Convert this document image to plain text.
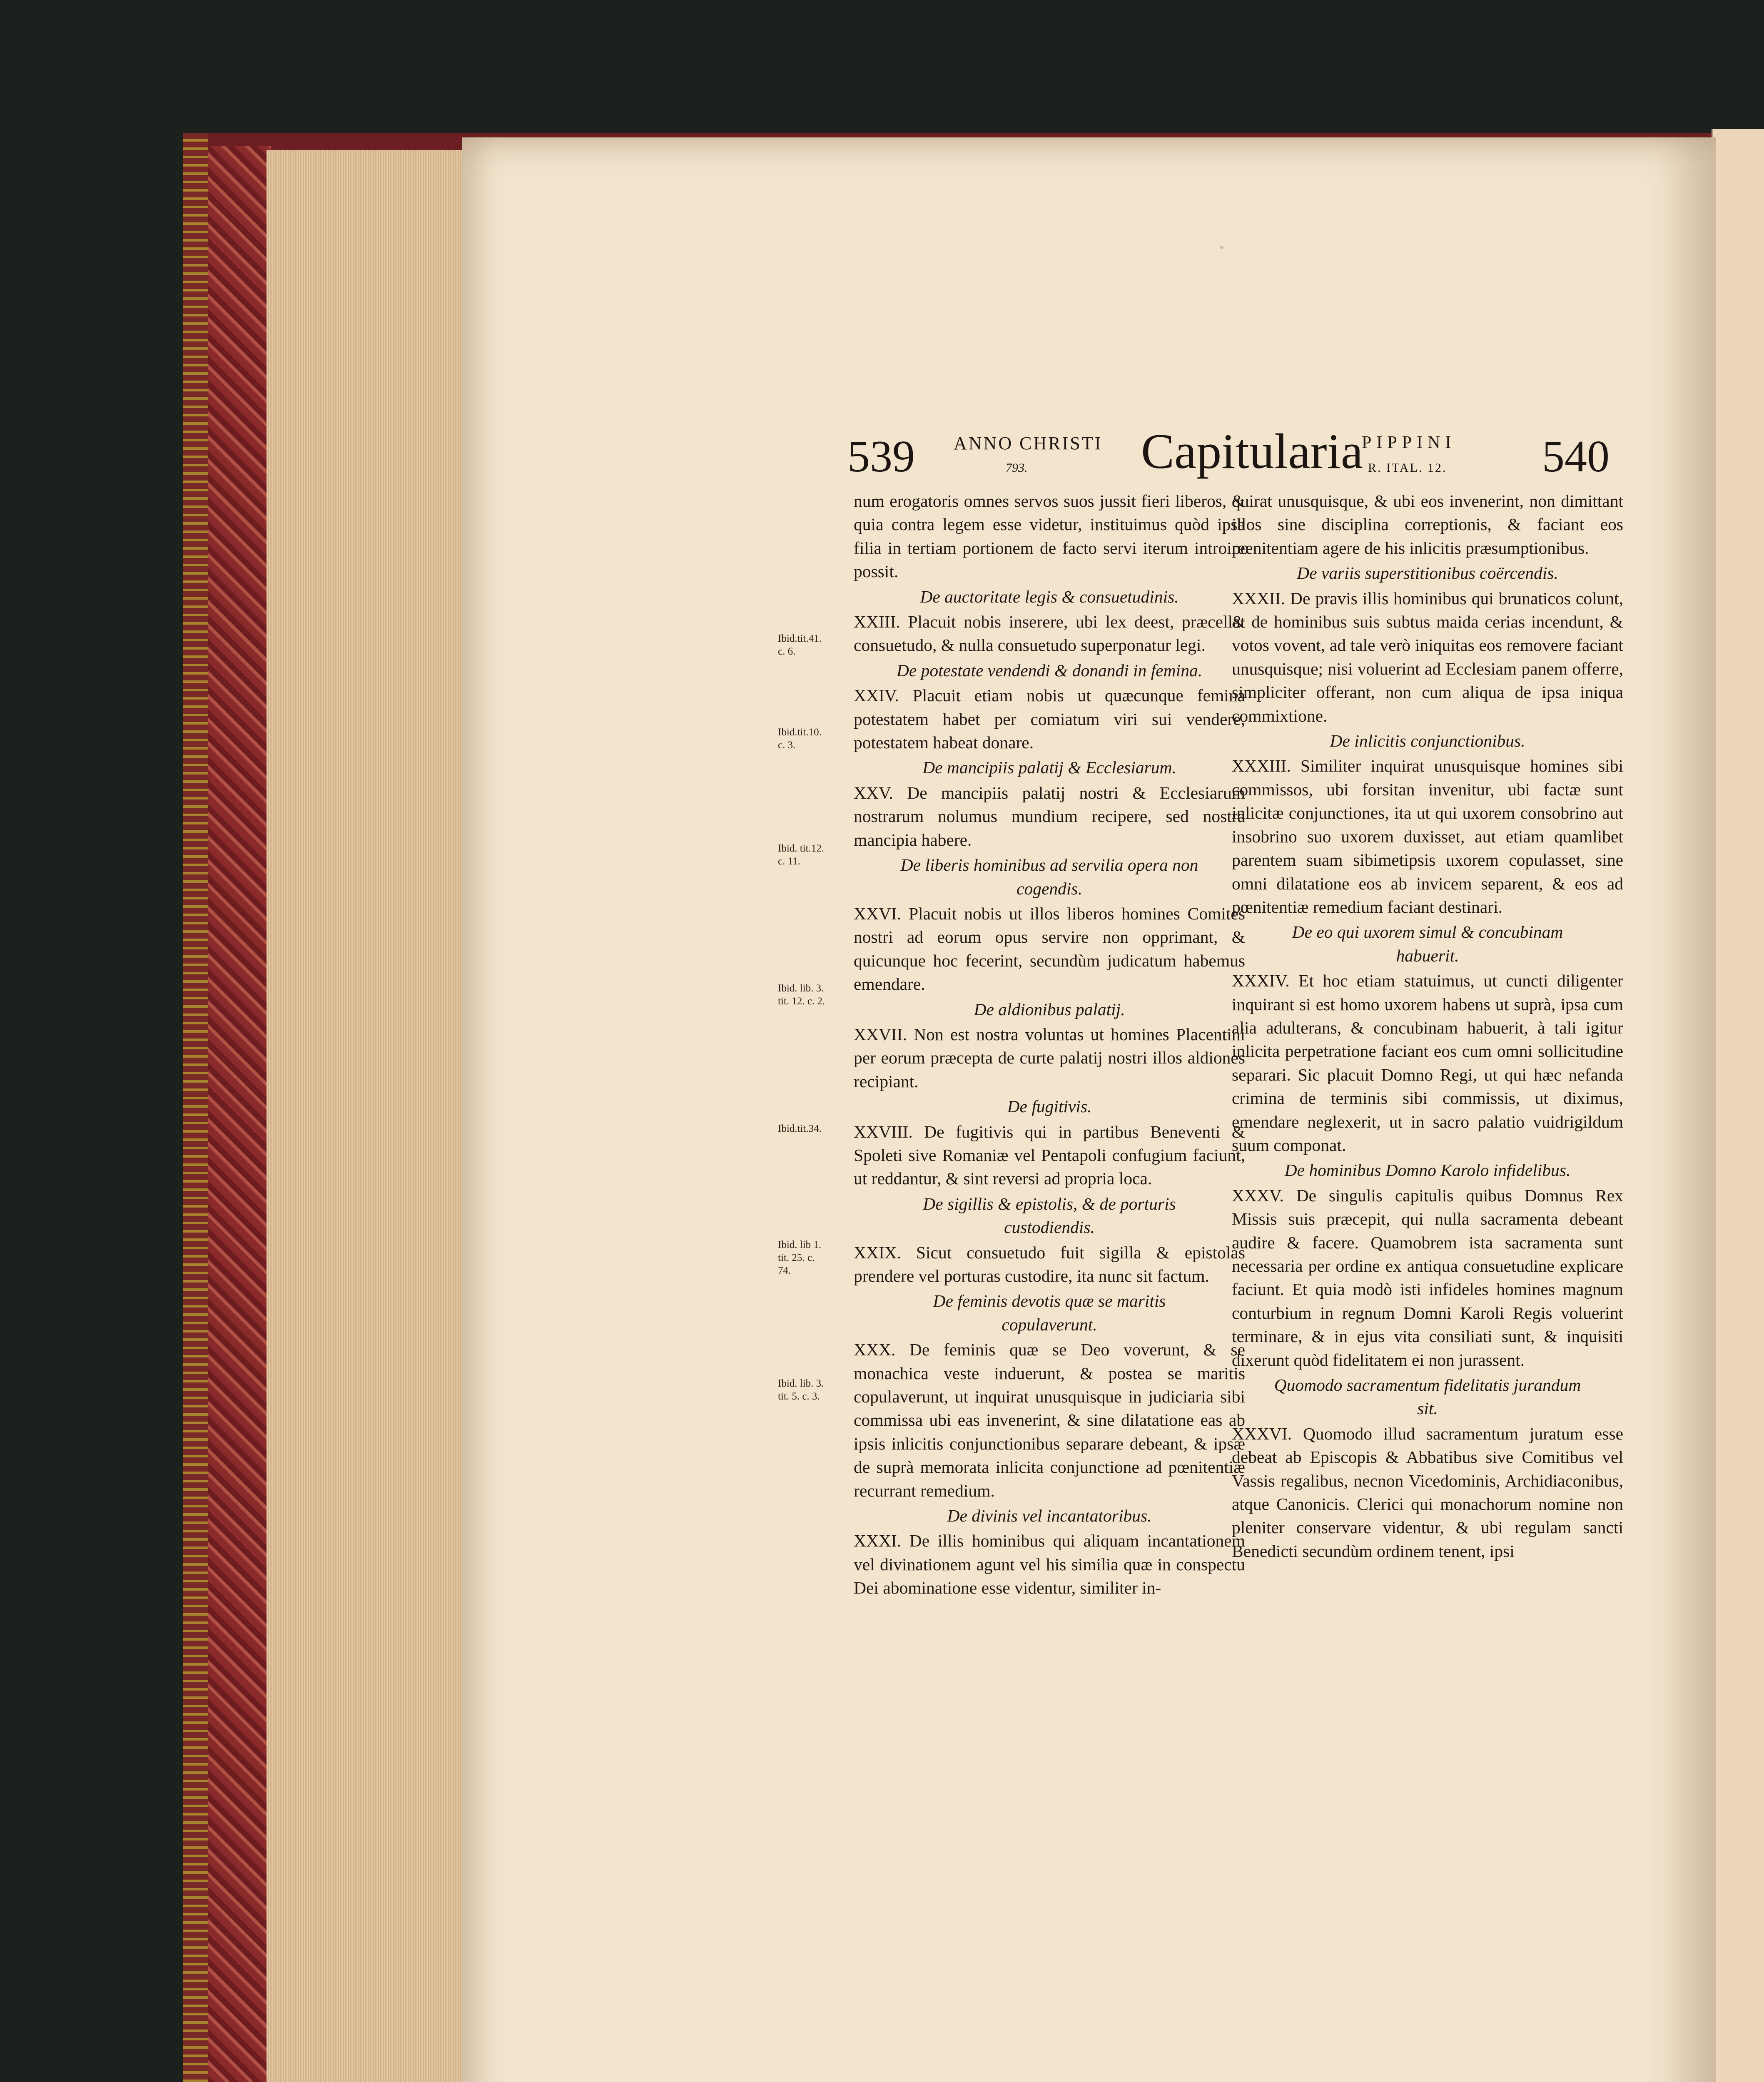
539 ANNO CHRISTI
793. Capitularia
PIPPINI
R. ITAL. 12. 540
Ibid.tit.41.
c. 6.
Ibid.tit.10.
c. 3.
Ibid. tit.12.
c. 11.
Ibid. lib. 3.
tit. 12. c. 2.
Ibid.tit.34.
Ibid. lib 1.
tit. 25. c.
74.
Ibid. lib. 3.
tit. 5. c. 3.

num erogatoris omnes servos suos jussit fieri liberos, & quia contra legem esse videtur, instituimus quòd ipsa filia in tertiam portionem de facto servi iterum introire possit.

De auctoritate legis & consuetudinis.

XXIII. Placuit nobis inserere, ubi lex deest, præcellat consuetudo, & nulla consuetudo superponatur legi.

De potestate vendendi & donandi in femina.

XXIV. Placuit etiam nobis ut quæcunque femina potestatem habet per comiatum viri sui vendere, potestatem habeat donare.

De mancipiis palatij & Ecclesiarum.

XXV. De mancipiis palatij nostri & Ecclesiarum nostrarum nolumus mundium recipere, sed nostra mancipia habere.

De liberis hominibus ad servilia opera non
cogendis.

XXVI. Placuit nobis ut illos liberos homines Comites nostri ad eorum opus servire non opprimant, & quicunque hoc fecerint, secundùm judicatum habemus emendare.

De aldionibus palatij.

XXVII. Non est nostra voluntas ut homines Placentini per eorum præcepta de curte palatij nostri illos aldiones recipiant.

De fugitivis.

XXVIII. De fugitivis qui in partibus Beneventi & Spoleti sive Romaniæ vel Pentapoli confugium faciunt, ut reddantur, & sint reversi ad propria loca.

De sigillis & epistolis, & de porturis
custodiendis.

XXIX. Sicut consuetudo fuit sigilla & epistolas prendere vel porturas custodire, ita nunc sit factum.

De feminis devotis quæ se maritis
copulaverunt.

XXX. De feminis quæ se Deo voverunt, & se monachica veste induerunt, & postea se maritis copulaverunt, ut inquirat unusquisque in judiciaria sibi commissa ubi eas invenerint, & sine dilatatione eas ab ipsis inlicitis conjunctionibus separare debeant, & ipsæ de suprà memorata inlicita conjunctione ad pœnitentiæ recurrant remedium.

De divinis vel incantatoribus.

XXXI. De illis hominibus qui aliquam incantationem vel divinationem agunt vel his similia quæ in conspectu Dei abominatione esse videntur, similiter in-

quirat unusquisque, & ubi eos invenerint, non dimittant illos sine disciplina correptionis, & faciant eos pœnitentiam agere de his inlicitis præsumptionibus.

De variis superstitionibus coërcendis.

XXXII. De pravis illis hominibus qui brunaticos colunt, & de hominibus suis subtus maida cerias incendunt, & votos vovent, ad tale verò iniquitas eos removere faciant unusquisque; nisi voluerint ad Ecclesiam panem offerre, simpliciter offerant, non cum aliqua de ipsa iniqua commixtione.

De inlicitis conjunctionibus.

XXXIII. Similiter inquirat unusquisque homines sibi commissos, ubi forsitan invenitur, ubi factæ sunt inlicitæ conjunctiones, ita ut qui uxorem consobrino aut insobrino suo uxorem duxisset, aut etiam quamlibet parentem suam sibimetipsis uxorem copulasset, sine omni dilatatione eos ab invicem separent, & eos ad pœnitentiæ remedium faciant destinari.

De eo qui uxorem simul & concubinam
habuerit.

XXXIV. Et hoc etiam statuimus, ut cuncti diligenter inquirant si est homo uxorem habens ut suprà, ipsa cum alia adulterans, & concubinam habuerit, à tali igitur inlicita perpetratione faciant eos cum omni sollicitudine separari. Sic placuit Domno Regi, ut qui hæc nefanda crimina de terminis sibi commissis, ut diximus, emendare neglexerit, ut in sacro palatio vuidrigildum suum componat.

De hominibus Domno Karolo infidelibus.

XXXV. De singulis capitulis quibus Domnus Rex Missis suis præcepit, qui nulla sacramenta debeant audire & facere. Quamobrem ista sacramenta sunt necessaria per ordine ex antiqua consuetudine explicare faciunt. Et quia modò isti infideles homines magnum conturbium in regnum Domni Karoli Regis voluerint terminare, & in ejus vita consiliati sunt, & inquisiti dixerunt quòd fidelitatem ei non jurassent.

Quomodo sacramentum fidelitatis jurandum
sit.

XXXVI. Quomodo illud sacramentum juratum esse debeat ab Episcopis & Abbatibus sive Comitibus vel Vassis regalibus, necnon Vicedominis, Archidiaconibus, atque Canonicis. Clerici qui monachorum nomine non pleniter conservare videntur, & ubi regulam sancti Benedicti secundùm ordinem tenent, ipsi
